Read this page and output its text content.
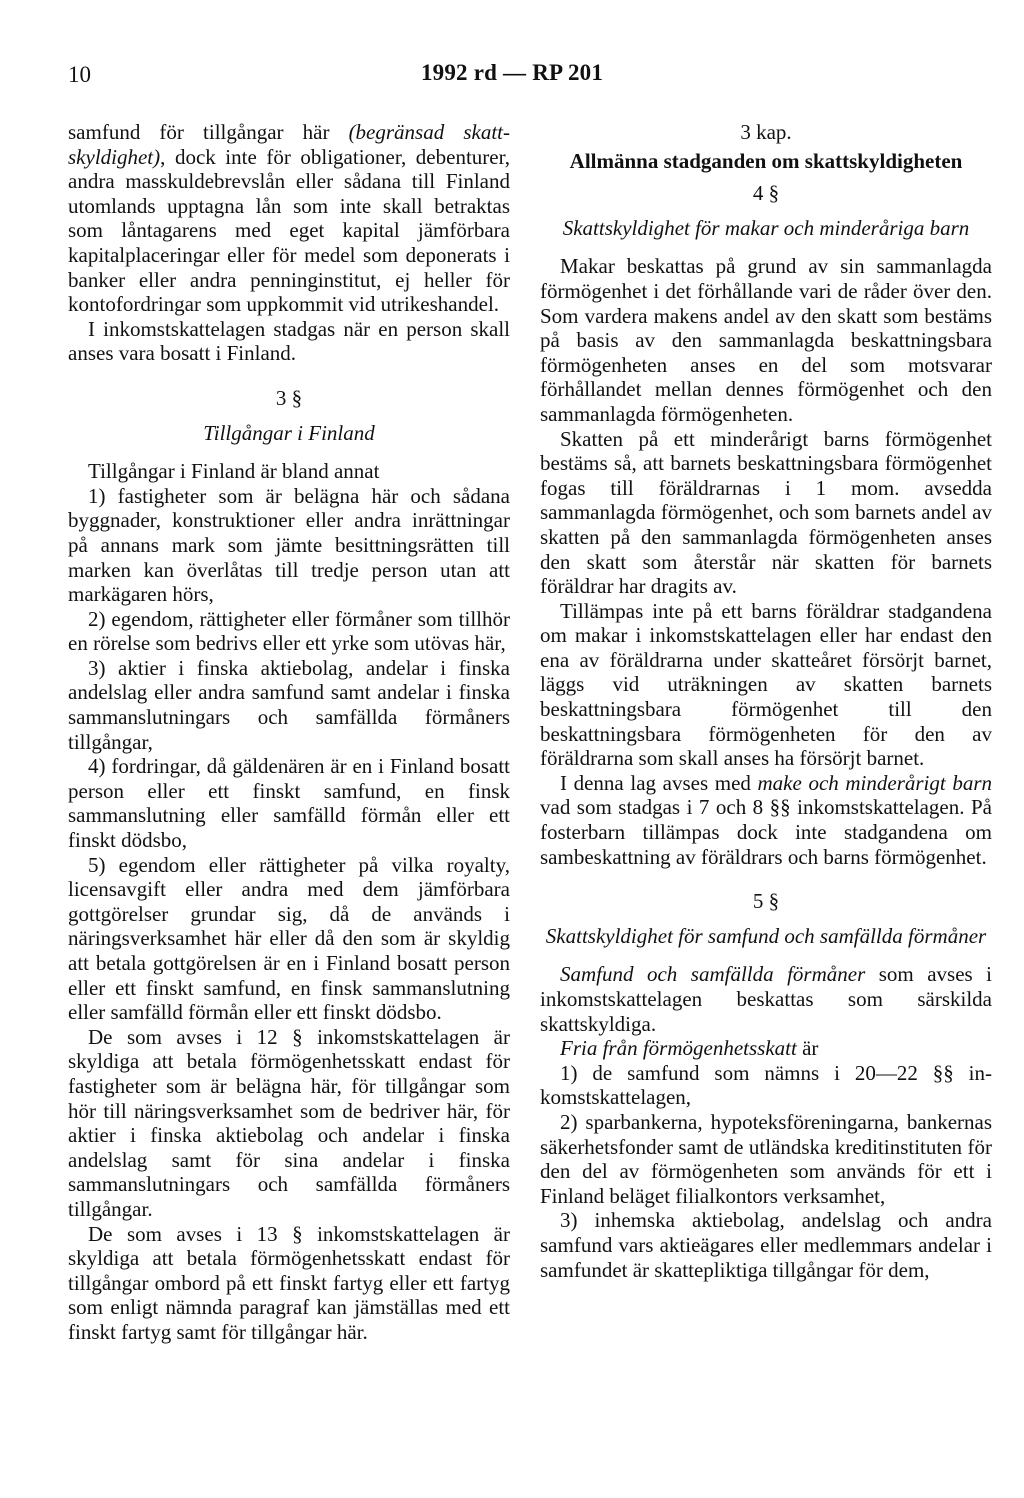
10	1992 rd — RP 201

samfund för tillgångar här (begränsad skattskyldighet), dock inte för obligationer, debenturer, andra masskuldebrevslån eller sådana till Finland utomlands upptagna lån som inte skall betraktas som låntagarens med eget kapital jämförbara kapitalplaceringar eller för medel som deponerats i banker eller andra penninginstitut, ej heller för kontofordringar som uppkommit vid utrikeshandel.

I inkomstskattelagen stadgas när en person skall anses vara bosatt i Finland.

3 §
Tillgångar i Finland

Tillgångar i Finland är bland annat

1) fastigheter som är belägna här och sådana byggnader, konstruktioner eller andra inrättningar på annans mark som jämte besittningsrätten till marken kan överlåtas till tredje person utan att markägaren hörs,

2) egendom, rättigheter eller förmåner som tillhör en rörelse som bedrivs eller ett yrke som utövas här,

3) aktier i finska aktiebolag, andelar i finska andelslag eller andra samfund samt andelar i finska sammanslutningars och samfällda förmåners tillgångar,

4) fordringar, då gäldenären är en i Finland bosatt person eller ett finskt samfund, en finsk sammanslutning eller samfälld förmån eller ett finskt dödsbo,

5) egendom eller rättigheter på vilka royalty, licensavgift eller andra med dem jämförbara gottgörelser grundar sig, då de används i näringsverksamhet här eller då den som är skyldig att betala gottgörelsen är en i Finland bosatt person eller ett finskt samfund, en finsk sammanslutning eller samfälld förmån eller ett finskt dödsbo.

De som avses i 12 § inkomstskattelagen är skyldiga att betala förmögenhetsskatt endast för fastigheter som är belägna här, för tillgångar som hör till näringsverksamhet som de bedriver här, för aktier i finska aktiebolag och andelar i finska andelslag samt för sina andelar i finska sammanslutningars och samfällda förmåners tillgångar.

De som avses i 13 § inkomstskattelagen är skyldiga att betala förmögenhetsskatt endast för tillgångar ombord på ett finskt fartyg eller ett fartyg som enligt nämnda paragraf kan jämställas med ett finskt fartyg samt för tillgångar här.

3 kap.
Allmänna stadganden om skattskyldigheten
4 §
Skattskyldighet för makar och minderåriga barn

Makar beskattas på grund av sin sammanlagda förmögenhet i det förhållande vari de råder över den. Som vardera makens andel av den skatt som bestäms på basis av den sammanlagda beskattningsbara förmögenheten anses en del som motsvarar förhållandet mellan dennes förmögenhet och den sammanlagda förmögenheten.

Skatten på ett minderårigt barns förmögenhet bestäms så, att barnets beskattningsbara förmögenhet fogas till föräldrarnas i 1 mom. avsedda sammanlagda förmögenhet, och som barnets andel av skatten på den sammanlagda förmögenheten anses den skatt som återstår när skatten för barnets föräldrar har dragits av.

Tillämpas inte på ett barns föräldrar stadgandena om makar i inkomstskattelagen eller har endast den ena av föräldrarna under skatteåret försörjt barnet, läggs vid uträkningen av skatten barnets beskattningsbara förmögenhet till den beskattningsbara förmögenheten för den av föräldrarna som skall anses ha försörjt barnet.

I denna lag avses med make och minderårigt barn vad som stadgas i 7 och 8 §§ inkomstskattelagen. På fosterbarn tillämpas dock inte stadgandena om sambeskattning av föräldrars och barns förmögenhet.

5 §
Skattskyldighet för samfund och samfällda förmåner

Samfund och samfällda förmåner som avses i inkomstskattelagen beskattas som särskilda skattskyldiga.

Fria från förmögenhetsskatt är

1) de samfund som nämns i 20—22 §§ inkomstskattelagen,

2) sparbankerna, hypoteksföreningarna, bankernas säkerhetsfonder samt de utländska kreditinstituten för den del av förmögenheten som används för ett i Finland beläget filialkontors verksamhet,

3) inhemska aktiebolag, andelslag och andra samfund vars aktieägares eller medlemmars andelar i samfundet är skattepliktiga tillgångar för dem,
